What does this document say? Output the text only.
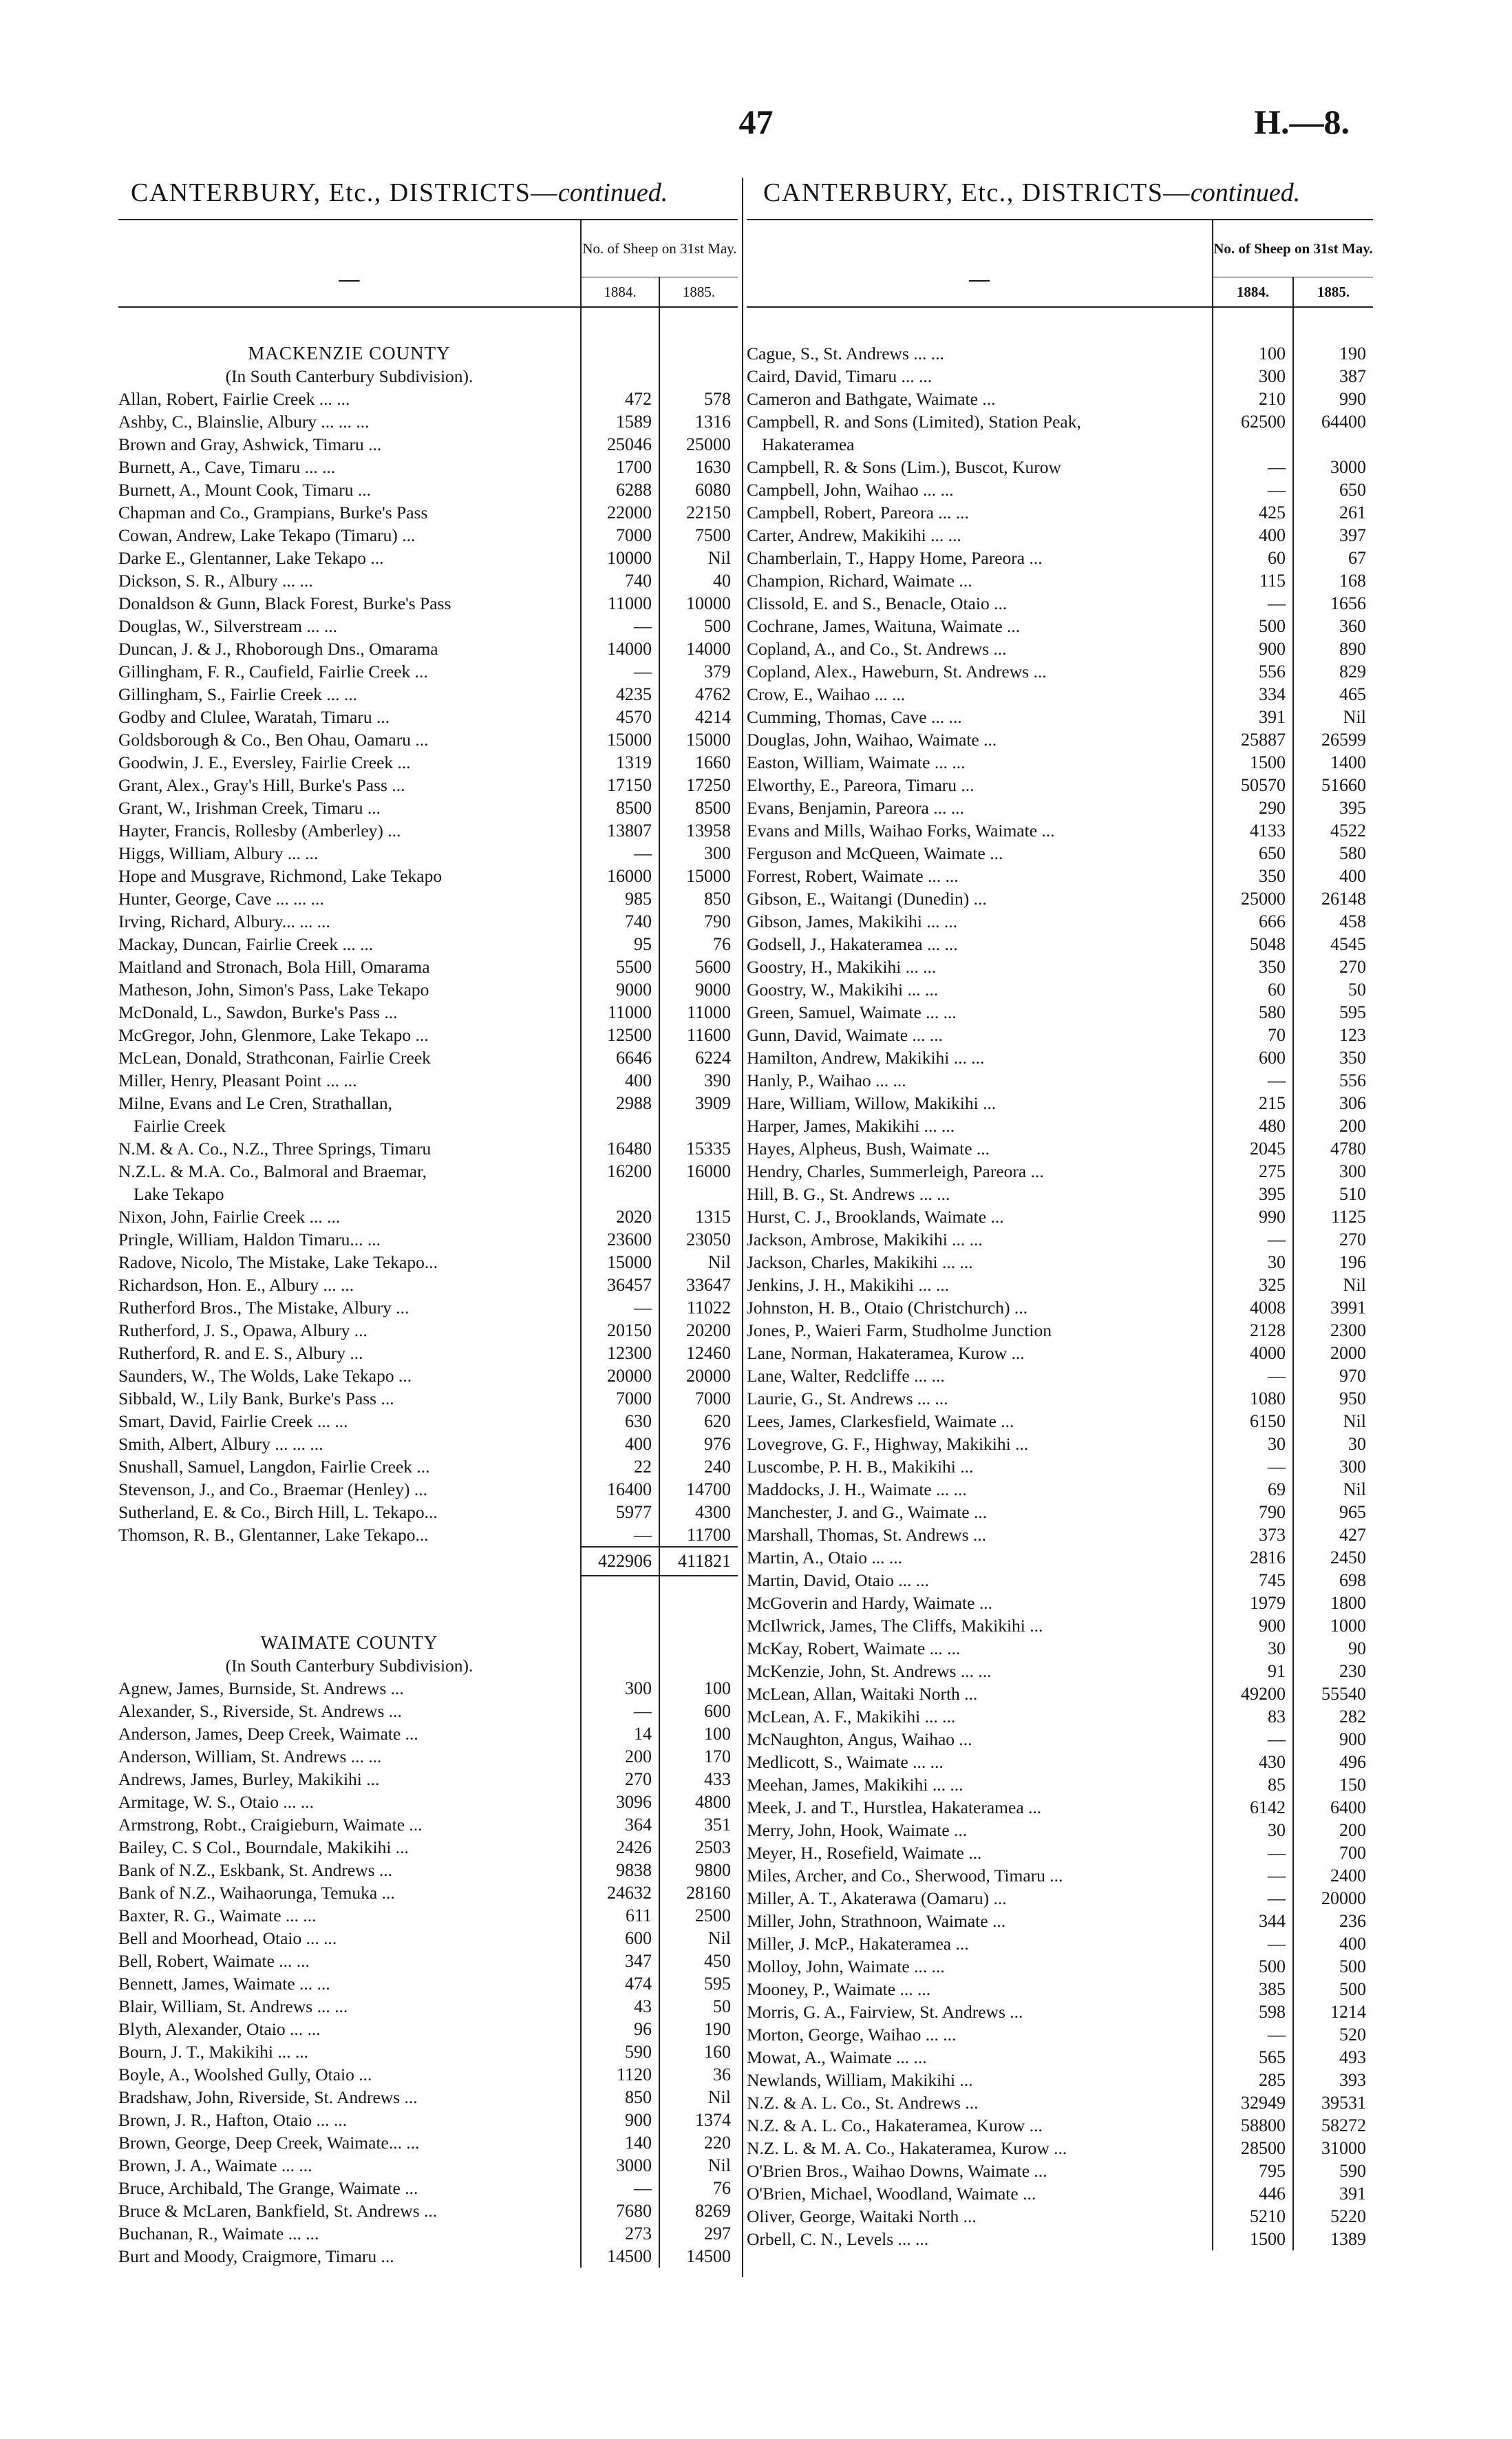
47	H.—8.
CANTERBURY, Etc., DISTRICTS—continued.
—	No. of Sheep on 31st May.	
	1884.	1885.

MACKENZIE COUNTY		
(In South Canterbury Subdivision).		
Allan, Robert, Fairlie Creek ... ...	472	578
Ashby, C., Blainslie, Albury ... ... ...	1589	1316
Brown and Gray, Ashwick, Timaru ...	25046	25000
Burnett, A., Cave, Timaru ... ...	1700	1630
Burnett, A., Mount Cook, Timaru ...	6288	6080
Chapman and Co., Grampians, Burke's Pass	22000	22150
Cowan, Andrew, Lake Tekapo (Timaru) ...	7000	7500
Darke E., Glentanner, Lake Tekapo ...	10000	Nil
Dickson, S. R., Albury ... ...	740	40
Donaldson & Gunn, Black Forest, Burke's Pass	11000	10000
Douglas, W., Silverstream ... ...	—	500
Duncan, J. & J., Rhoborough Dns., Omarama	14000	14000
Gillingham, F. R., Caufield, Fairlie Creek ...	—	379
Gillingham, S., Fairlie Creek ... ...	4235	4762
Godby and Clulee, Waratah, Timaru ...	4570	4214
Goldsborough & Co., Ben Ohau, Oamaru ...	15000	15000
Goodwin, J. E., Eversley, Fairlie Creek ...	1319	1660
Grant, Alex., Gray's Hill, Burke's Pass ...	17150	17250
Grant, W., Irishman Creek, Timaru ...	8500	8500
Hayter, Francis, Rollesby (Amberley) ...	13807	13958
Higgs, William, Albury ... ...	—	300
Hope and Musgrave, Richmond, Lake Tekapo	16000	15000
Hunter, George, Cave ... ... ...	985	850
Irving, Richard, Albury... ... ...	740	790
Mackay, Duncan, Fairlie Creek ... ...	95	76
Maitland and Stronach, Bola Hill, Omarama	5500	5600
Matheson, John, Simon's Pass, Lake Tekapo	9000	9000
McDonald, L., Sawdon, Burke's Pass ...	11000	11000
McGregor, John, Glenmore, Lake Tekapo ...	12500	11600
McLean, Donald, Strathconan, Fairlie Creek	6646	6224
Miller, Henry, Pleasant Point ... ...	400	390
Milne, Evans and Le Cren, Strathallan,	2988	3909
Fairlie Creek		
N.M. & A. Co., N.Z., Three Springs, Timaru	16480	15335
N.Z.L. & M.A. Co., Balmoral and Braemar,	16200	16000
Lake Tekapo		
Nixon, John, Fairlie Creek ... ...	2020	1315
Pringle, William, Haldon Timaru... ...	23600	23050
Radove, Nicolo, The Mistake, Lake Tekapo...	15000	Nil
Richardson, Hon. E., Albury ... ...	36457	33647
Rutherford Bros., The Mistake, Albury ...	—	11022
Rutherford, J. S., Opawa, Albury ...	20150	20200
Rutherford, R. and E. S., Albury ...	12300	12460
Saunders, W., The Wolds, Lake Tekapo ...	20000	20000
Sibbald, W., Lily Bank, Burke's Pass ...	7000	7000
Smart, David, Fairlie Creek ... ...	630	620
Smith, Albert, Albury ... ... ...	400	976
Snushall, Samuel, Langdon, Fairlie Creek ...	22	240
Stevenson, J., and Co., Braemar (Henley) ...	16400	14700
Sutherland, E. & Co., Birch Hill, L. Tekapo...	5977	4300
Thomson, R. B., Glentanner, Lake Tekapo...	—	11700
	422906	411821

WAIMATE COUNTY		
(In South Canterbury Subdivision).		
Agnew, James, Burnside, St. Andrews ...	300	100
Alexander, S., Riverside, St. Andrews ...	—	600
Anderson, James, Deep Creek, Waimate ...	14	100
Anderson, William, St. Andrews ... ...	200	170
Andrews, James, Burley, Makikihi ...	270	433
Armitage, W. S., Otaio ... ...	3096	4800
Armstrong, Robt., Craigieburn, Waimate ...	364	351
Bailey, C. S Col., Bourndale, Makikihi ...	2426	2503
Bank of N.Z., Eskbank, St. Andrews ...	9838	9800
Bank of N.Z., Waihaorunga, Temuka ...	24632	28160
Baxter, R. G., Waimate ... ...	611	2500
Bell and Moorhead, Otaio ... ...	600	Nil
Bell, Robert, Waimate ... ...	347	450
Bennett, James, Waimate ... ...	474	595
Blair, William, St. Andrews ... ...	43	50
Blyth, Alexander, Otaio ... ...	96	190
Bourn, J. T., Makikihi ... ...	590	160
Boyle, A., Woolshed Gully, Otaio ...	1120	36
Bradshaw, John, Riverside, St. Andrews ...	850	Nil
Brown, J. R., Hafton, Otaio ... ...	900	1374
Brown, George, Deep Creek, Waimate... ...	140	220
Brown, J. A., Waimate ... ...	3000	Nil
Bruce, Archibald, The Grange, Waimate ...	—	76
Bruce & McLaren, Bankfield, St. Andrews ...	7680	8269
Buchanan, R., Waimate ... ...	273	297
Burt and Moody, Craigmore, Timaru ...	14500	14500
CANTERBURY, Etc., DISTRICTS—continued.
—	No. of Sheep on 31st May.	
	1884.	1885.

Cague, S., St. Andrews ... ...	100	190
Caird, David, Timaru ... ...	300	387
Cameron and Bathgate, Waimate ...	210	990
Campbell, R. and Sons (Limited), Station Peak,	62500	64400
Hakateramea		
Campbell, R. & Sons (Lim.), Buscot, Kurow	—	3000
Campbell, John, Waihao ... ...	—	650
Campbell, Robert, Pareora ... ...	425	261
Carter, Andrew, Makikihi ... ...	400	397
Chamberlain, T., Happy Home, Pareora ...	60	67
Champion, Richard, Waimate ...	115	168
Clissold, E. and S., Benacle, Otaio ...	—	1656
Cochrane, James, Waituna, Waimate ...	500	360
Copland, A., and Co., St. Andrews ...	900	890
Copland, Alex., Haweburn, St. Andrews ...	556	829
Crow, E., Waihao ... ...	334	465
Cumming, Thomas, Cave ... ...	391	Nil
Douglas, John, Waihao, Waimate ...	25887	26599
Easton, William, Waimate ... ...	1500	1400
Elworthy, E., Pareora, Timaru ...	50570	51660
Evans, Benjamin, Pareora ... ...	290	395
Evans and Mills, Waihao Forks, Waimate ...	4133	4522
Ferguson and McQueen, Waimate ...	650	580
Forrest, Robert, Waimate ... ...	350	400
Gibson, E., Waitangi (Dunedin) ...	25000	26148
Gibson, James, Makikihi ... ...	666	458
Godsell, J., Hakateramea ... ...	5048	4545
Goostry, H., Makikihi ... ...	350	270
Goostry, W., Makikihi ... ...	60	50
Green, Samuel, Waimate ... ...	580	595
Gunn, David, Waimate ... ...	70	123
Hamilton, Andrew, Makikihi ... ...	600	350
Hanly, P., Waihao ... ...	—	556
Hare, William, Willow, Makikihi ...	215	306
Harper, James, Makikihi ... ...	480	200
Hayes, Alpheus, Bush, Waimate ...	2045	4780
Hendry, Charles, Summerleigh, Pareora ...	275	300
Hill, B. G., St. Andrews ... ...	395	510
Hurst, C. J., Brooklands, Waimate ...	990	1125
Jackson, Ambrose, Makikihi ... ...	—	270
Jackson, Charles, Makikihi ... ...	30	196
Jenkins, J. H., Makikihi ... ...	325	Nil
Johnston, H. B., Otaio (Christchurch) ...	4008	3991
Jones, P., Waieri Farm, Studholme Junction	2128	2300
Lane, Norman, Hakateramea, Kurow ...	4000	2000
Lane, Walter, Redcliffe ... ...	—	970
Laurie, G., St. Andrews ... ...	1080	950
Lees, James, Clarkesfield, Waimate ...	6150	Nil
Lovegrove, G. F., Highway, Makikihi ...	30	30
Luscombe, P. H. B., Makikihi ...	—	300
Maddocks, J. H., Waimate ... ...	69	Nil
Manchester, J. and G., Waimate ...	790	965
Marshall, Thomas, St. Andrews ...	373	427
Martin, A., Otaio ... ...	2816	2450
Martin, David, Otaio ... ...	745	698
McGoverin and Hardy, Waimate ...	1979	1800
McIlwrick, James, The Cliffs, Makikihi ...	900	1000
McKay, Robert, Waimate ... ...	30	90
McKenzie, John, St. Andrews ... ...	91	230
McLean, Allan, Waitaki North ...	49200	55540
McLean, A. F., Makikihi ... ...	83	282
McNaughton, Angus, Waihao ...	—	900
Medlicott, S., Waimate ... ...	430	496
Meehan, James, Makikihi ... ...	85	150
Meek, J. and T., Hurstlea, Hakateramea ...	6142	6400
Merry, John, Hook, Waimate ...	30	200
Meyer, H., Rosefield, Waimate ...	—	700
Miles, Archer, and Co., Sherwood, Timaru ...	—	2400
Miller, A. T., Akaterawa (Oamaru) ...	—	20000
Miller, John, Strathnoon, Waimate ...	344	236
Miller, J. McP., Hakateramea ...	—	400
Molloy, John, Waimate ... ...	500	500
Mooney, P., Waimate ... ...	385	500
Morris, G. A., Fairview, St. Andrews ...	598	1214
Morton, George, Waihao ... ...	—	520
Mowat, A., Waimate ... ...	565	493
Newlands, William, Makikihi ...	285	393
N.Z. & A. L. Co., St. Andrews ...	32949	39531
N.Z. & A. L. Co., Hakateramea, Kurow ...	58800	58272
N.Z. L. & M. A. Co., Hakateramea, Kurow ...	28500	31000
O'Brien Bros., Waihao Downs, Waimate ...	795	590
O'Brien, Michael, Woodland, Waimate ...	446	391
Oliver, George, Waitaki North ...	5210	5220
Orbell, C. N., Levels ... ...	1500	1389
